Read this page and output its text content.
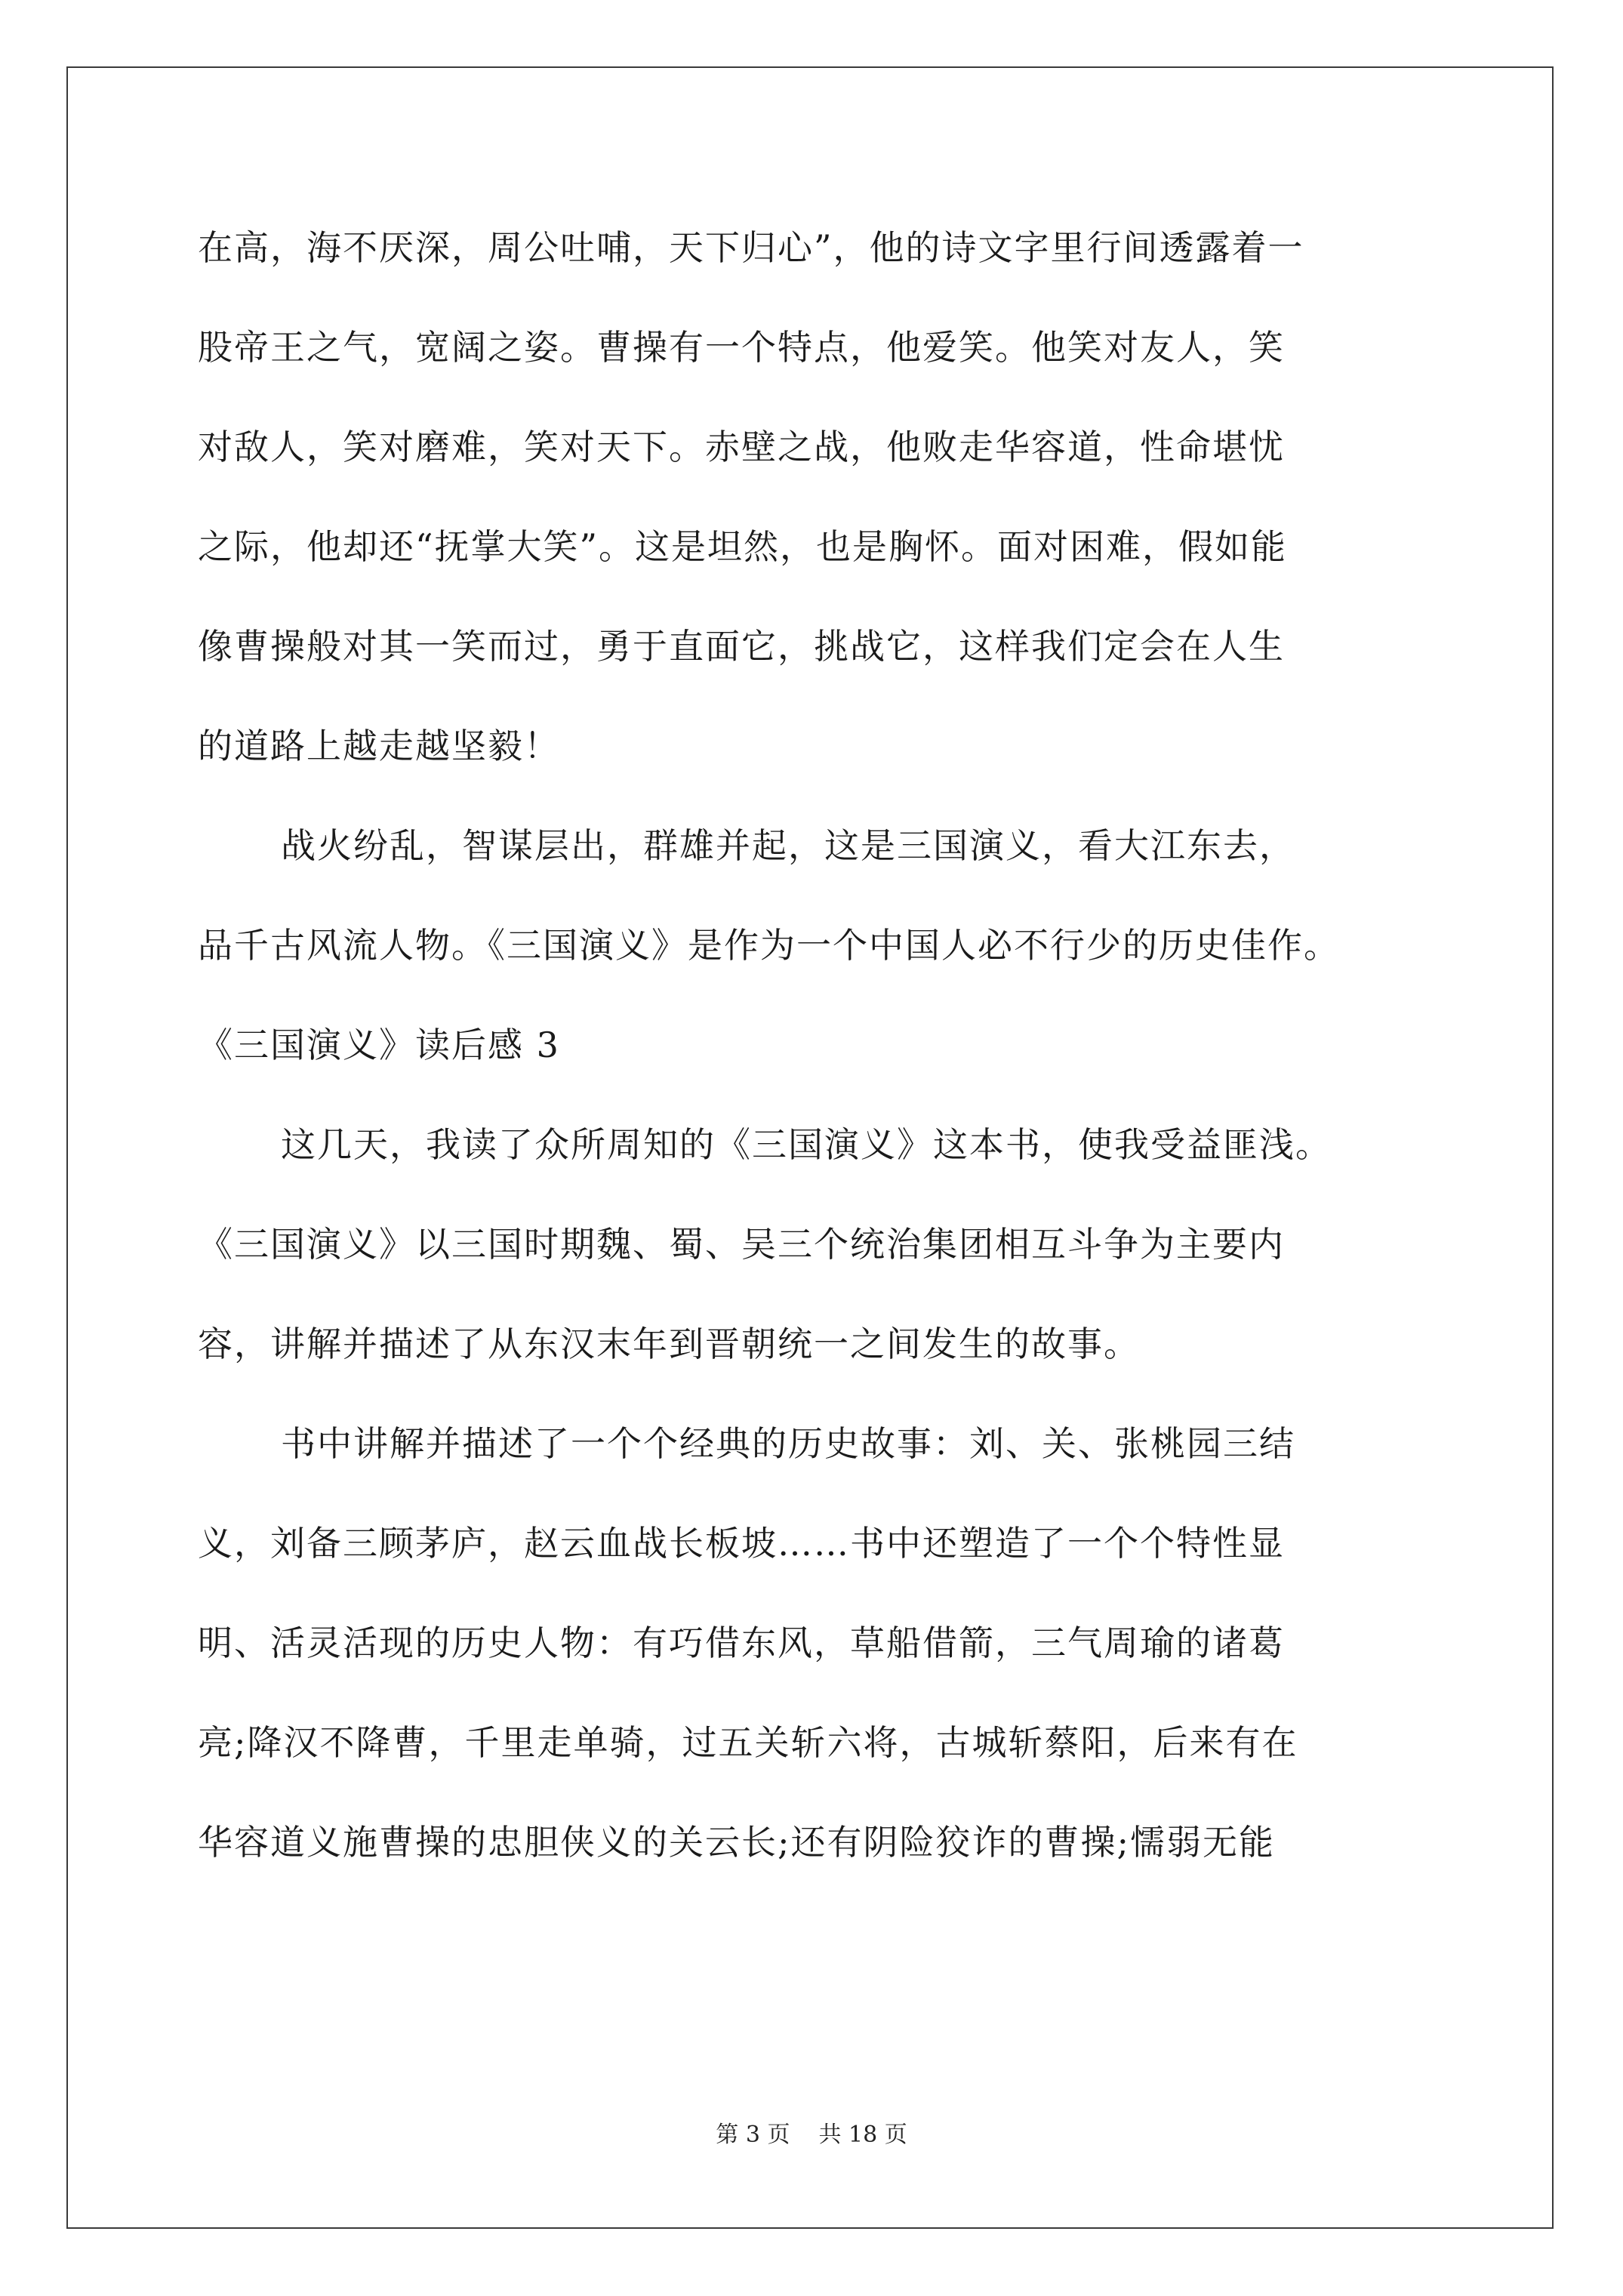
在高，海不厌深，周公吐哺，天下归心”，他的诗文字里行间透露着一
股帝王之气，宽阔之姿。曹操有一个特点，他爱笑。他笑对友人，笑
对敌人，笑对磨难，笑对天下。赤壁之战，他败走华容道，性命堪忧
之际，他却还“抚掌大笑”。这是坦然，也是胸怀。面对困难，假如能
像曹操般对其一笑而过，勇于直面它，挑战它，这样我们定会在人生
的道路上越走越坚毅！
战火纷乱，智谋层出，群雄并起，这是三国演义，看大江东去，
品千古风流人物。《三国演义》是作为一个中国人必不行少的历史佳作。
《三国演义》读后感 3
这几天，我读了众所周知的《三国演义》这本书，使我受益匪浅。
《三国演义》以三国时期魏、蜀、吴三个统治集团相互斗争为主要内
容，讲解并描述了从东汉末年到晋朝统一之间发生的故事。
书中讲解并描述了一个个经典的历史故事：刘、关、张桃园三结
义，刘备三顾茅庐，赵云血战长板坡……书中还塑造了一个个特性显
明、活灵活现的历史人物：有巧借东风，草船借箭，三气周瑜的诸葛
亮;降汉不降曹，千里走单骑，过五关斩六将，古城斩蔡阳，后来有在
华容道义施曹操的忠胆侠义的关云长;还有阴险狡诈的曹操;懦弱无能
第 3 页 共 18 页
